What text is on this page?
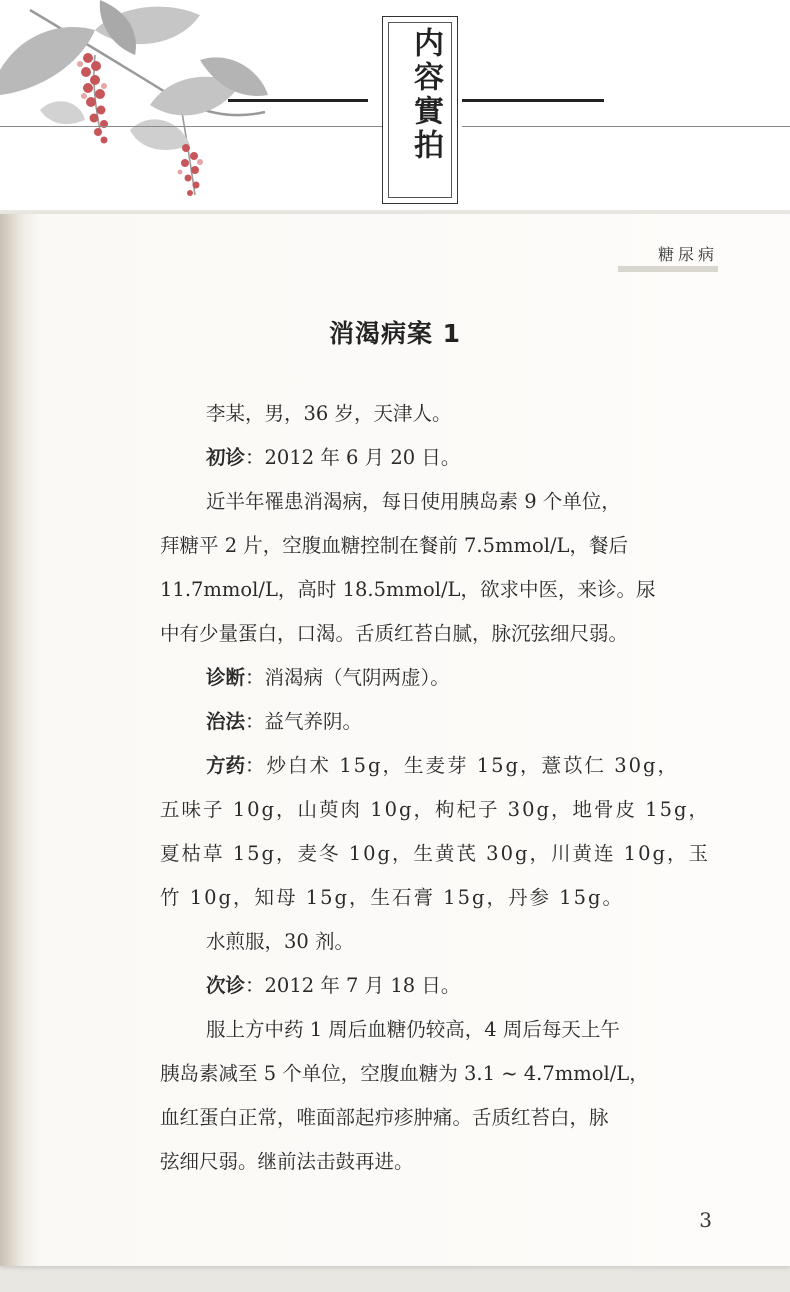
内容實拍
糖尿病
消渴病案 1
李某，男，36 岁，天津人。
初诊：2012 年 6 月 20 日。
近半年罹患消渴病，每日使用胰岛素 9 个单位，
拜糖平 2 片，空腹血糖控制在餐前 7.5mmol/L，餐后
11.7mmol/L，高时 18.5mmol/L，欲求中医，来诊。尿
中有少量蛋白，口渴。舌质红苔白腻，脉沉弦细尺弱。
诊断：消渴病（气阴两虚）。
治法：益气养阴。
方药：炒白术 15g，生麦芽 15g，薏苡仁 30g，
五味子 10g，山萸肉 10g，枸杞子 30g，地骨皮 15g，
夏枯草 15g，麦冬 10g，生黄芪 30g，川黄连 10g，玉
竹 10g，知母 15g，生石膏 15g，丹参 15g。
水煎服，30 剂。
次诊：2012 年 7 月 18 日。
服上方中药 1 周后血糖仍较高，4 周后每天上午
胰岛素减至 5 个单位，空腹血糖为 3.1 ~ 4.7mmol/L，
血红蛋白正常，唯面部起疖疹肿痛。舌质红苔白，脉
弦细尺弱。继前法击鼓再进。
3
